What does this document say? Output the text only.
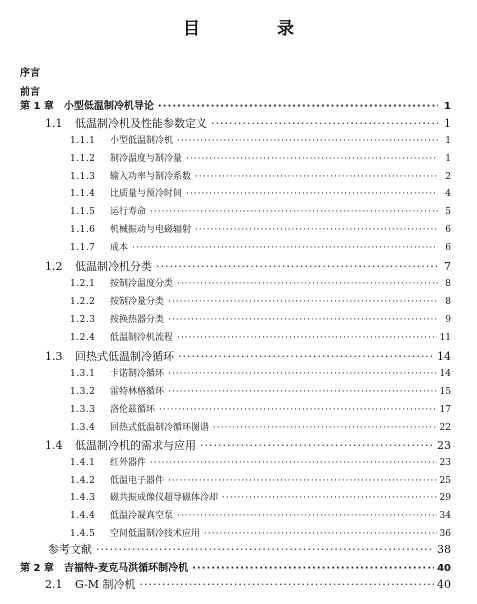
目　录
序言
前言
第 1 章 小型低温制冷机导论 ·····	1
1.1	低温制冷机及性能参数定义 ·····	1
1.1.1	小型低温制冷机 ·····	1
1.1.2	制冷温度与制冷量 ·····	1
1.1.3	输入功率与制冷系数 ·····	2
1.1.4	比质量与预冷时间 ·····	4
1.1.5	运行寿命 ·····	5
1.1.6	机械振动与电磁辐射 ·····	6
1.1.7	成本 ·····	6
1.2	低温制冷机分类 ·····	7
1.2.1	按制冷温度分类 ·····	8
1.2.2	按制冷量分类 ·····	8
1.2.3	按换热器分类 ·····	9
1.2.4	低温制冷机流程 ·····	11
1.3	回热式低温制冷循环 ·····	14
1.3.1	卡诺制冷循环 ·····	14
1.3.2	雷特林格循环 ·····	15
1.3.3	洛伦兹循环 ·····	17
1.3.4	回热式低温制冷循环图谱 ·····	22
1.4	低温制冷机的需求与应用 ·····	23
1.4.1	红外器件 ·····	23
1.4.2	低温电子器件 ·····	25
1.4.3	磁共振成像仪超导磁体冷却 ·····	29
1.4.4	低温冷凝真空泵 ·····	34
1.4.5	空间低温制冷技术应用 ·····	36
参考文献 ·····	38
第 2 章 吉福特-麦克马洪循环制冷机 ·····	40
2.1	G-M 制冷机 ·····	40
